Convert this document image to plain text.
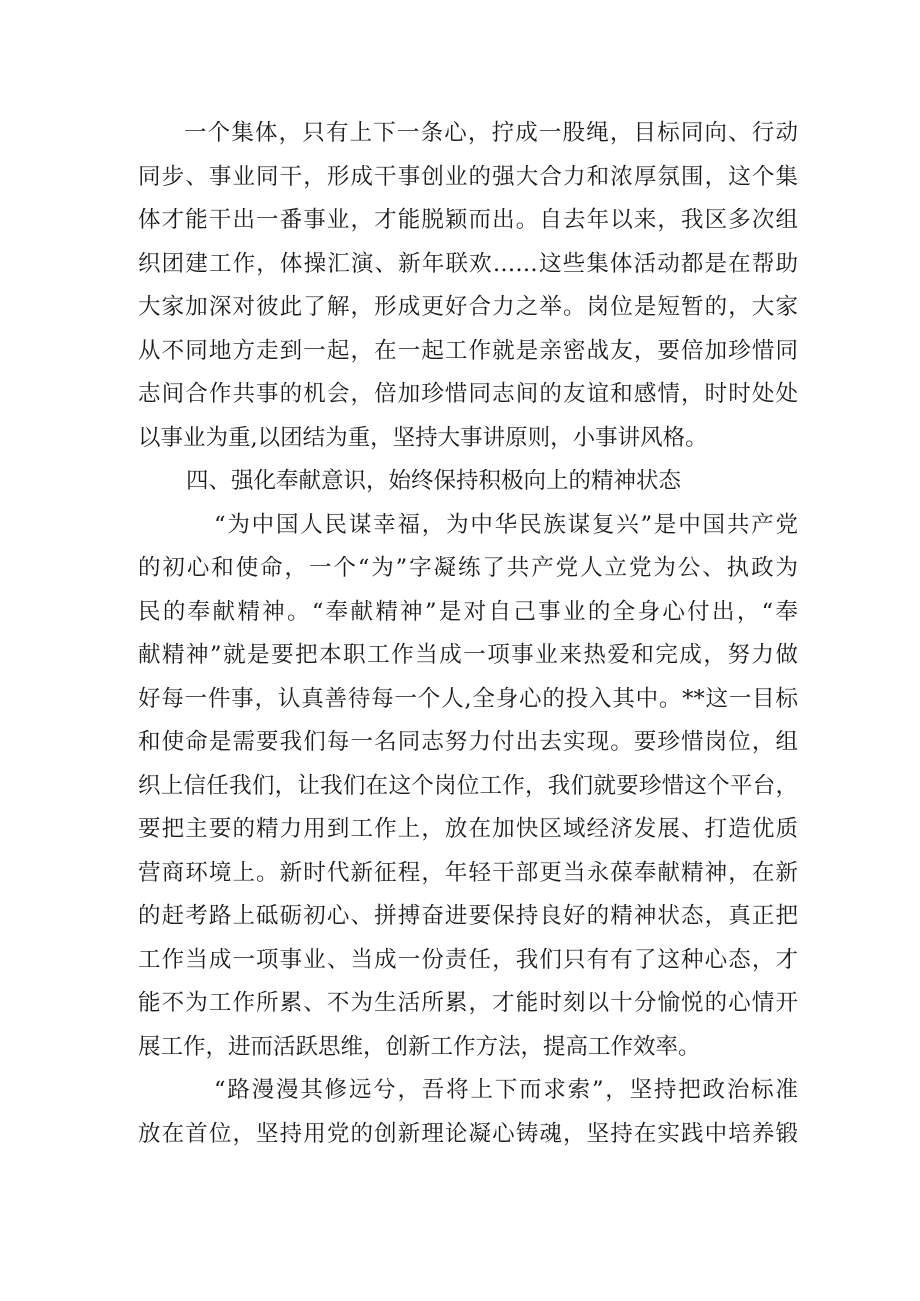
一个集体，只有上下一条心，拧成一股绳，目标同向、行动
同步、事业同干，形成干事创业的强大合力和浓厚氛围，这个集
体才能干出一番事业，才能脱颖而出。自去年以来，我区多次组
织团建工作，体操汇演、新年联欢……这些集体活动都是在帮助
大家加深对彼此了解，形成更好合力之举。岗位是短暂的，大家
从不同地方走到一起，在一起工作就是亲密战友，要倍加珍惜同
志间合作共事的机会，倍加珍惜同志间的友谊和感情，时时处处
以事业为重,以团结为重，坚持大事讲原则，小事讲风格。
四、强化奉献意识，始终保持积极向上的精神状态
“为中国人民谋幸福，为中华民族谋复兴”是中国共产党
的初心和使命，一个“为”字凝练了共产党人立党为公、执政为
民的奉献精神。“奉献精神”是对自己事业的全身心付出，“奉
献精神”就是要把本职工作当成一项事业来热爱和完成，努力做
好每一件事，认真善待每一个人,全身心的投入其中。**这一目标
和使命是需要我们每一名同志努力付出去实现。要珍惜岗位，组
织上信任我们，让我们在这个岗位工作，我们就要珍惜这个平台，
要把主要的精力用到工作上，放在加快区域经济发展、打造优质
营商环境上。新时代新征程，年轻干部更当永葆奉献精神，在新
的赶考路上砥砺初心、拼搏奋进要保持良好的精神状态，真正把
工作当成一项事业、当成一份责任，我们只有有了这种心态，才
能不为工作所累、不为生活所累，才能时刻以十分愉悦的心情开
展工作，进而活跃思维，创新工作方法，提高工作效率。
“路漫漫其修远兮，吾将上下而求索”，坚持把政治标准
放在首位，坚持用党的创新理论凝心铸魂，坚持在实践中培养锻
